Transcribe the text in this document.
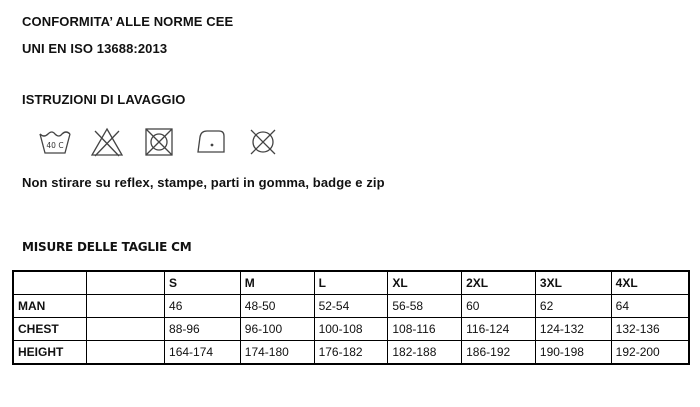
CONFORMITA’ ALLE NORME CEE
UNI EN ISO 13688:2013
ISTRUZIONI DI LAVAGGIO
40 C
Non stirare su reflex, stampe, parti in gomma, badge e zip
MISURE DELLE TAGLIE CM
		S	M	L	XL	2XL	3XL	4XL
MAN		46	48-50	52-54	56-58	60	62	64
CHEST		88-96	96-100	100-108	108-116	116-124	124-132	132-136
HEIGHT		164-174	174-180	176-182	182-188	186-192	190-198	192-200
